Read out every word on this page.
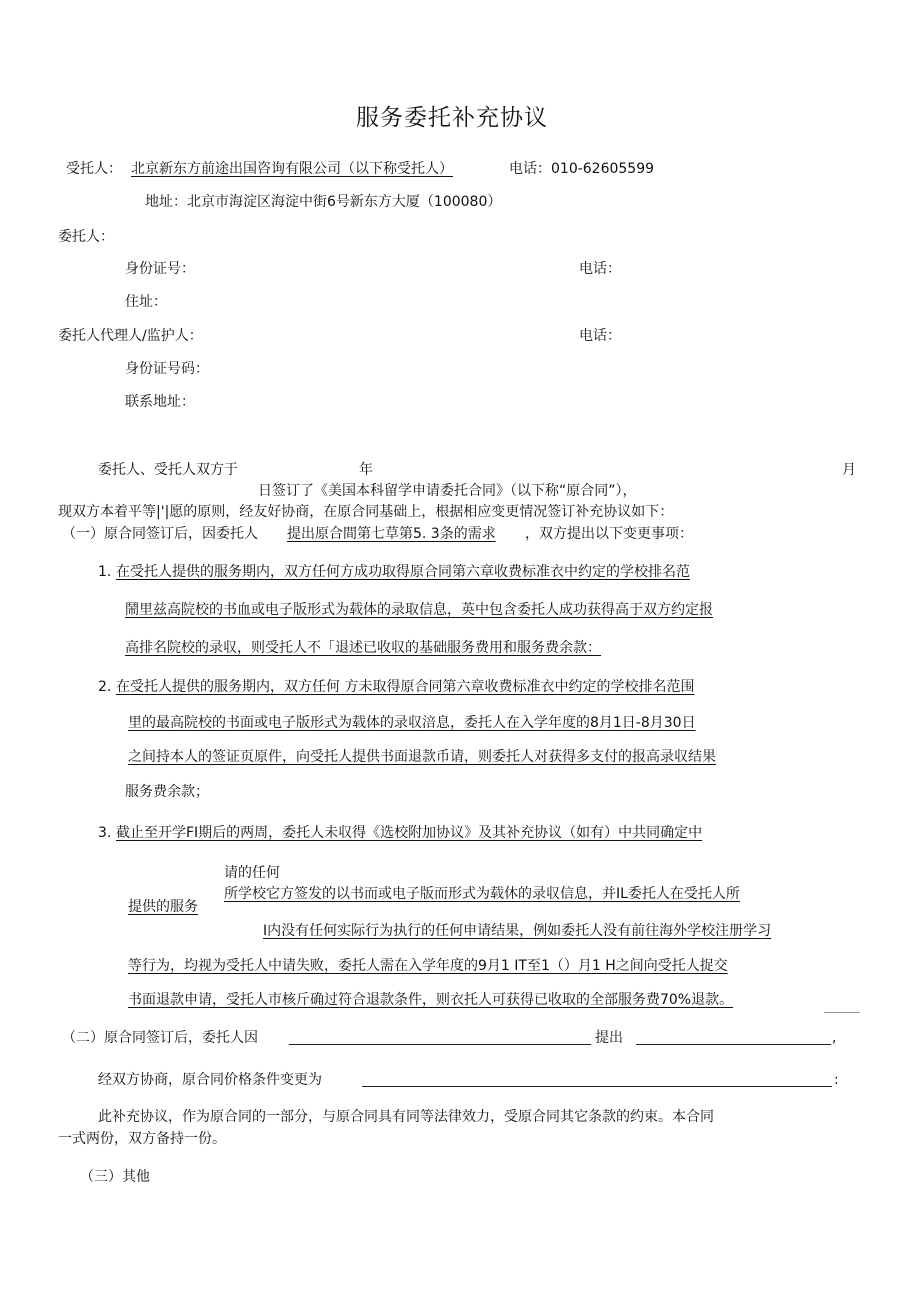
服务委托补充协议
受托人： 北京新东方前途出国咨询有限公司（以下称受托人）	电话：010-62605599
地址：北京市海淀区海淀中街6号新东方大厦（100080）
委托人：
身份证号：	电话：
住址：
委托人代理人/监护人：	电话：
身份证号码：
联系地址：
委托人、受托人双方于	年	月
日签订了《美国本科留学申请委托合同》（以下称“原合同”），
现双方本着平等|'|愿的原则，经友好协商，在原合同基础上，根据相应变更情况签订补充协议如下：
（一）原合同签订后，因委托人 提出原合間第七草第5. 3条的需求 ，双方提出以下变更事项：
1. 在受托人提供的服务期内，双方任何方成功取得原合同第六章收费标准衣中约定的学校排名范
鬧里兹高院校的书血或电子版形式为载体的录取信息，英中包含委托人成功获得高于双方约定报
高排名院校的录収，则受托人不「退述已收収的基础服务费用和服务费余款：
2. 在受托人提供的服务期内，双方任何 方未取得原合同第六章收费标准衣中约定的学校排名范围
里的最高院校的书面或电子版形式为载体的录収涪息，委托人在入学年度的8月1日-8月30日
之间持本人的签证页原件，向受托人提供书面退款币请，则委托人对获得多支付的报高录収结果
服务费余款；
3. 截止至开学FI期后的两周，委托人未収得《选校附加协议》及其补充协议（如有）中共同确定中
请的任何
提供的服务
所学校它方签发的以书而或电子版而形式为载休的录収信息，并IL委托人在受托人所
I内没有任何实际行为执行的任何申请结果，例如委托人没有前往海外学校注册学习
等行为，均视为受托人中请失败，委托人需在入学年度的9月1 IT至1（）月1 H之间向受托人捉交
书面退款申请，受托人市核斤确过符合退款条件，则衣托人可获得已收取的全部服务费70%退款。
（二）原合同签订后，委托人因	提出	,
经双方协商，原合同价格条件变更为	:
此补充协议，作为原合同的一部分，与原合同具有同等法律效力，受原合同其它条款的约束。本合同
一式两份，双方备持一份。
（三）其他
